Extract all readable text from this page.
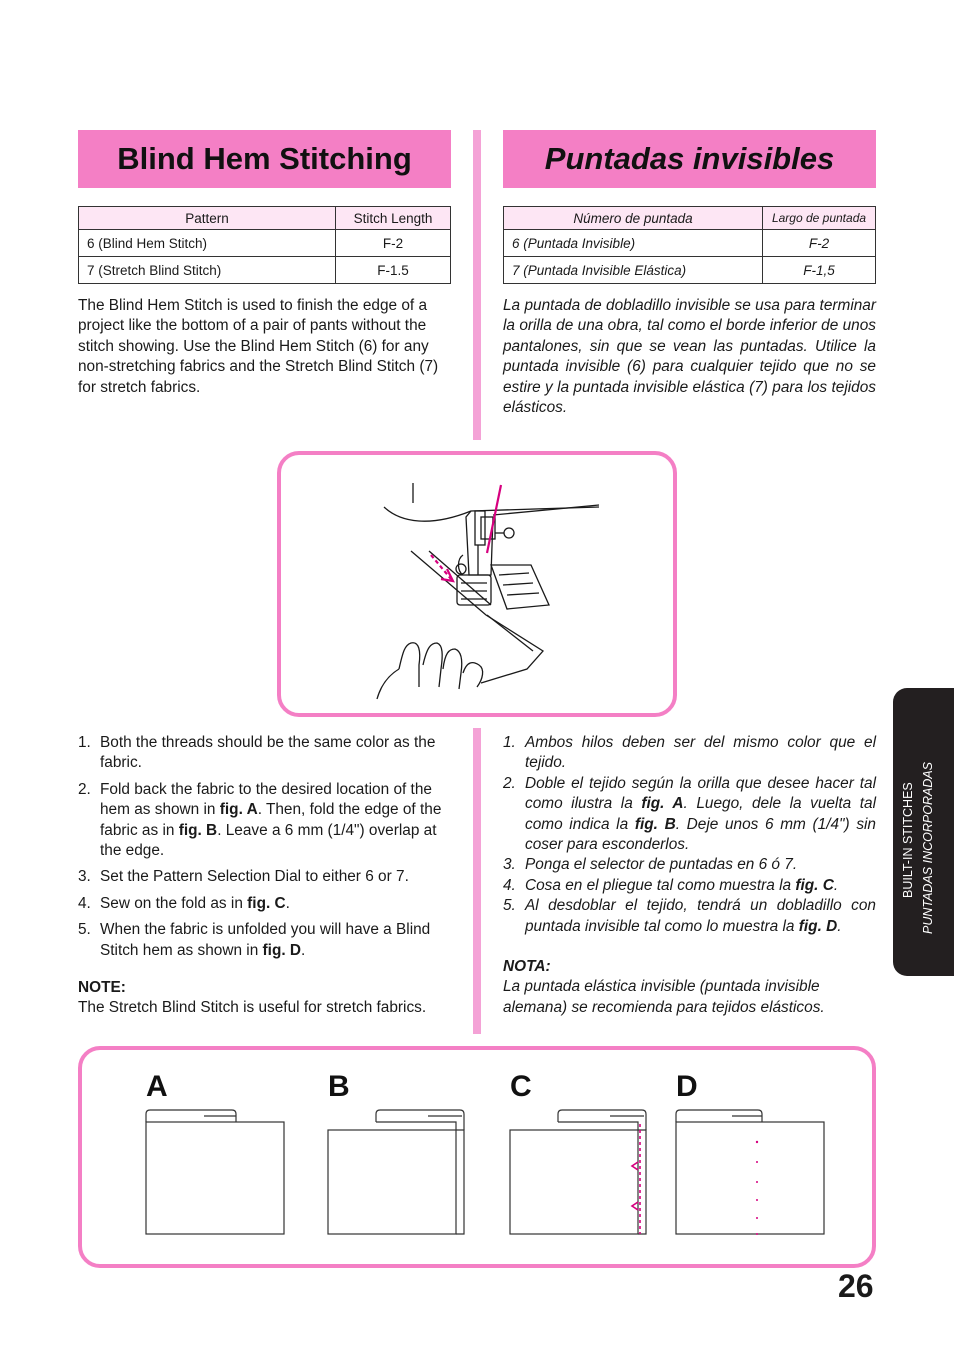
Blind Hem Stitching	Puntadas invisibles
Pattern	Stitch Length
6 (Blind Hem Stitch)	F-2
7 (Stretch Blind Stitch)	F-1.5
Número de puntada	Largo de puntada
6 (Puntada Invisible)	F-2
7 (Puntada Invisible Elástica)	F-1,5

The Blind Hem Stitch is used to finish the edge of a project like the bottom of a pair of pants without the stitch showing. Use the Blind Hem Stitch (6) for any non-stretching fabrics and the Stretch Blind Stitch (7) for stretch fabrics.

La puntada de dobladillo invisible se usa para terminar la orilla de una obra, tal como el borde inferior de unos pantalones, sin que se vean las puntadas. Utilice la puntada invisible (6) para cualquier tejido que no se estire y la puntada invisible elástica (7) para los tejidos elásticos.

1. Both the threads should be the same color as the fabric.
2. Fold back the fabric to the desired location of the hem as shown in fig. A. Then, fold the edge of the fabric as in fig. B. Leave a 6 mm (1/4") overlap at the edge.
3. Set the Pattern Selection Dial to either 6 or 7.
4. Sew on the fold as in fig. C.
5. When the fabric is unfolded you will have a Blind Stitch hem as shown in fig. D.
NOTE:
The Stretch Blind Stitch is useful for stretch fabrics.
1. Ambos hilos deben ser del mismo color que el tejido.
2. Doble el tejido según la orilla que desee hacer tal como ilustra la fig. A. Luego, dele la vuelta tal como indica la fig. B. Deje unos 6 mm (1/4") sin coser para esconderlos.
3. Ponga el selector de puntadas en 6 ó 7.
4. Cosa en el pliegue tal como muestra la fig. C.
5. Al desdoblar el tejido, tendrá un dobladillo con puntada invisible tal como lo muestra la fig. D.
NOTA:
La puntada elástica invisible (puntada invisible alemana) se recomienda para tejidos elásticos.
BUILT-IN STITCHES PUNTADAS INCORPORADAS
A	B	C	D
26
